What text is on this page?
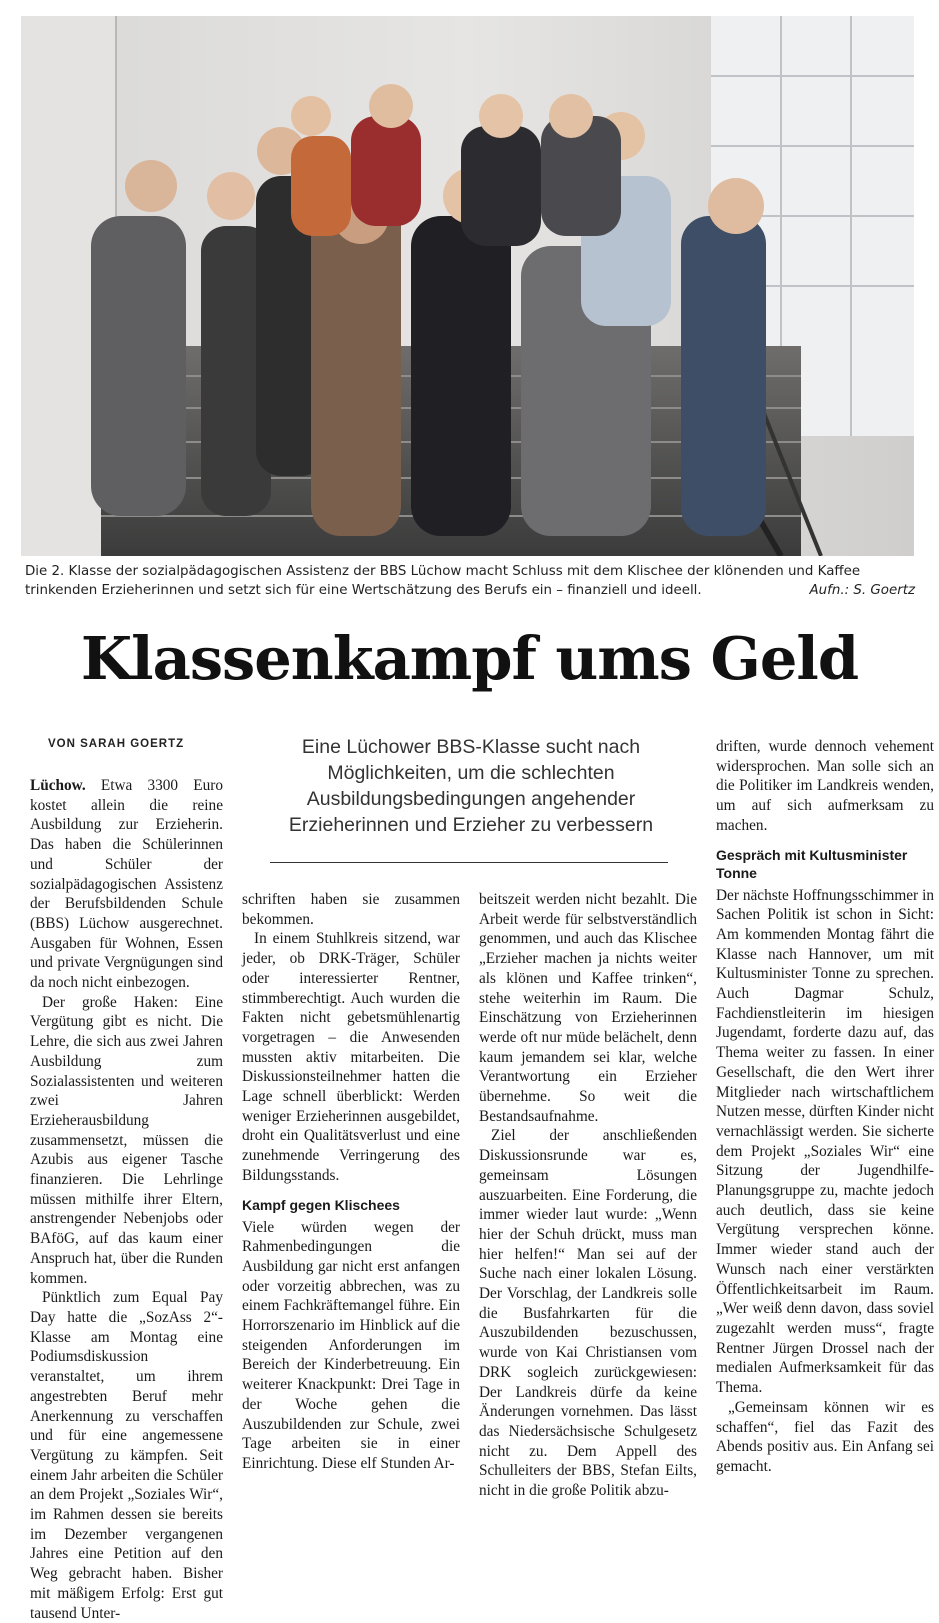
Aufn.: S. Goertz
Die 2. Klasse der sozialpädagogischen Assistenz der BBS Lüchow macht Schluss mit dem Klischee der klönenden und Kaffee trinkenden Erzieherinnen und setzt sich für eine Wertschätzung des Berufs ein – finanziell und ideell.
Klassenkampf ums Geld
VON SARAH GOERTZ	Eine Lüchower BBS-Klasse sucht nach Möglichkeiten, um die schlechten Ausbildungsbedingungen angehender Erzieherinnen und Erzieher zu verbessern

Lüchow. Etwa 3300 Euro kostet allein die reine Ausbildung zur Erzieherin. Das haben die Schülerinnen und Schüler der sozialpädagogischen Assistenz der Berufsbildenden Schule (BBS) Lüchow ausgerechnet. Ausgaben für Wohnen, Essen und private Vergnügungen sind da noch nicht einbezogen.

Der große Haken: Eine Vergütung gibt es nicht. Die Lehre, die sich aus zwei Jahren Ausbildung zum Sozialassistenten und weiteren zwei Jahren Erzieherausbildung zusammensetzt, müssen die Azubis aus eigener Tasche finanzieren. Die Lehrlinge müssen mithilfe ihrer Eltern, anstrengender Nebenjobs oder BAföG, auf das kaum einer Anspruch hat, über die Runden kommen.

Pünktlich zum Equal Pay Day hatte die „SozAss 2“-Klasse am Montag eine Podiumsdiskussion veranstaltet, um ihrem angestrebten Beruf mehr Anerkennung zu verschaffen und für eine angemessene Vergütung zu kämpfen. Seit einem Jahr arbeiten die Schüler an dem Projekt „Soziales Wir“, im Rahmen dessen sie bereits im Dezember vergangenen Jahres eine Petition auf den Weg gebracht haben. Bisher mit mäßigem Erfolg: Erst gut tausend Unter-

schriften haben sie zusammen bekommen.

In einem Stuhlkreis sitzend, war jeder, ob DRK-Träger, Schüler oder interessierter Rentner, stimmberechtigt. Auch wurden die Fakten nicht gebetsmühlenartig vorgetragen – die Anwesenden mussten aktiv mitarbeiten. Die Diskussionsteilnehmer hatten die Lage schnell überblickt: Werden weniger Erzieherinnen ausgebildet, droht ein Qualitätsverlust und eine zunehmende Verringerung des Bildungsstands.

Kampf gegen Klischees

Viele würden wegen der Rahmenbedingungen die Ausbildung gar nicht erst anfangen oder vorzeitig abbrechen, was zu einem Fachkräftemangel führe. Ein Horrorszenario im Hinblick auf die steigenden Anforderungen im Bereich der Kinderbetreuung. Ein weiterer Knackpunkt: Drei Tage in der Woche gehen die Auszubildenden zur Schule, zwei Tage arbeiten sie in einer Einrichtung. Diese elf Stunden Ar-

beitszeit werden nicht bezahlt. Die Arbeit werde für selbstverständlich genommen, und auch das Klischee „Erzieher machen ja nichts weiter als klönen und Kaffee trinken“, stehe weiterhin im Raum. Die Einschätzung von Erzieherinnen werde oft nur müde belächelt, denn kaum jemandem sei klar, welche Verantwortung ein Erzieher übernehme. So weit die Bestandsaufnahme.

Ziel der anschließenden Diskussionsrunde war es, gemeinsam Lösungen auszuarbeiten. Eine Forderung, die immer wieder laut wurde: „Wenn hier der Schuh drückt, muss man hier helfen!“ Man sei auf der Suche nach einer lokalen Lösung. Der Vorschlag, der Landkreis solle die Busfahrkarten für die Auszubildenden bezuschussen, wurde von Kai Christiansen vom DRK sogleich zurückgewiesen: Der Landkreis dürfe da keine Änderungen vornehmen. Das lässt das Niedersächsische Schulgesetz nicht zu. Dem Appell des Schulleiters der BBS, Stefan Eilts, nicht in die große Politik abzu-

driften, wurde dennoch vehement widersprochen. Man solle sich an die Politiker im Landkreis wenden, um auf sich aufmerksam zu machen.

Gespräch mit Kultusminister Tonne

Der nächste Hoffnungsschimmer in Sachen Politik ist schon in Sicht: Am kommenden Montag fährt die Klasse nach Hannover, um mit Kultusminister Tonne zu sprechen. Auch Dagmar Schulz, Fachdienstleiterin im hiesigen Jugendamt, forderte dazu auf, das Thema weiter zu fassen. In einer Gesellschaft, die den Wert ihrer Mitglieder nach wirtschaftlichem Nutzen messe, dürften Kinder nicht vernachlässigt werden. Sie sicherte dem Projekt „Soziales Wir“ eine Sitzung der Jugendhilfe-Planungsgruppe zu, machte jedoch auch deutlich, dass sie keine Vergütung versprechen könne. Immer wieder stand auch der Wunsch nach einer verstärkten Öffentlichkeitsarbeit im Raum. „Wer weiß denn davon, dass soviel zugezahlt werden muss“, fragte Rentner Jürgen Drossel nach der medialen Aufmerksamkeit für das Thema.

„Gemeinsam können wir es schaffen“, fiel das Fazit des Abends positiv aus. Ein Anfang sei gemacht.
